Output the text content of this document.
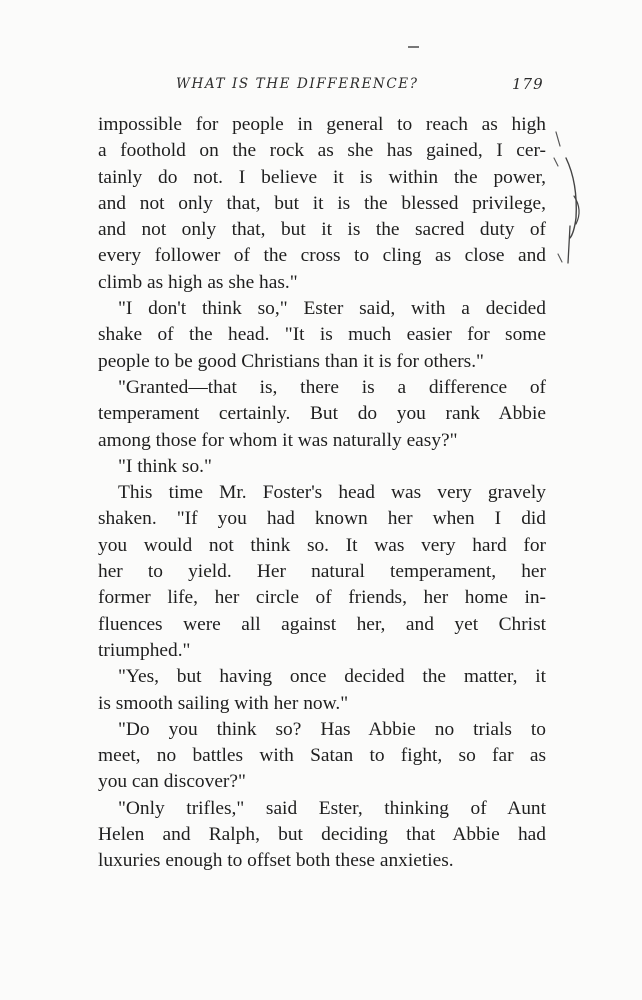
WHAT IS THE DIFFERENCE?	179
impossible for people in general to reach as high
a foothold on the rock as she has gained, I cer-
tainly do not. I believe it is within the power,
and not only that, but it is the blessed privilege,
and not only that, but it is the sacred duty of
every follower of the cross to cling as close and
climb as high as she has."
"I don't think so," Ester said, with a decided
shake of the head. "It is much easier for some
people to be good Christians than it is for others."
"Granted—that is, there is a difference of
temperament certainly. But do you rank Abbie
among those for whom it was naturally easy?"
"I think so."
This time Mr. Foster's head was very gravely
shaken. "If you had known her when I did
you would not think so. It was very hard for
her to yield. Her natural temperament, her
former life, her circle of friends, her home in-
fluences were all against her, and yet Christ
triumphed."
"Yes, but having once decided the matter, it
is smooth sailing with her now."
"Do you think so? Has Abbie no trials to
meet, no battles with Satan to fight, so far as
you can discover?"
"Only trifles," said Ester, thinking of Aunt
Helen and Ralph, but deciding that Abbie had
luxuries enough to offset both these anxieties.
